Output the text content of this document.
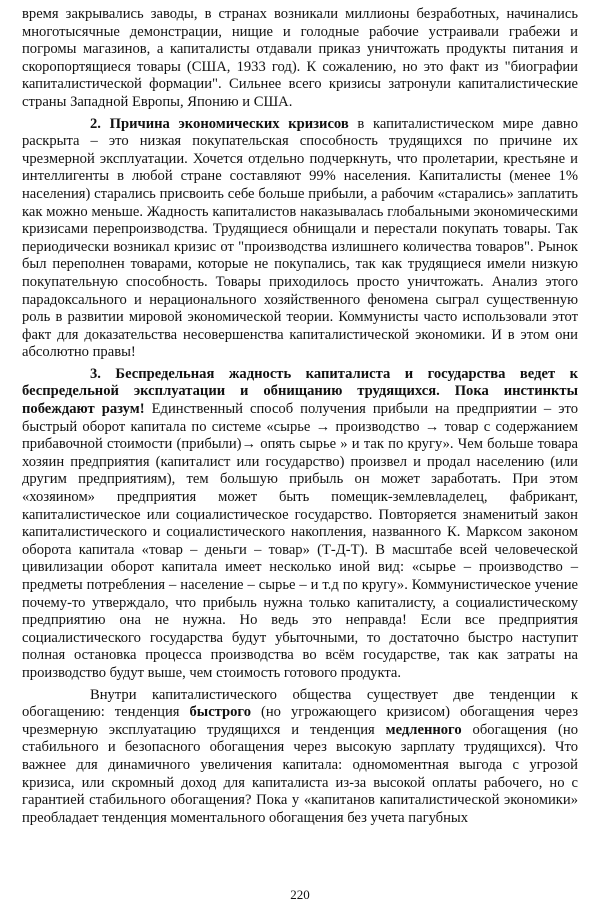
время закрывались заводы, в странах возникали миллионы безработных, начинались многотысячные демонстрации, нищие и голодные рабочие устраивали грабежи и погромы магазинов, а капиталисты отдавали приказ уничтожать продукты питания и скоропортящиеся товары (США, 1933 год). К сожалению, но это факт из "биографии капиталистической формации". Сильнее всего кризисы затронули капиталистические страны Западной Европы, Японию и США.

2. Причина экономических кризисов в капиталистическом мире давно раскрыта – это низкая покупательская способность трудящихся по причине их чрезмерной эксплуатации. Хочется отдельно подчеркнуть, что пролетарии, крестьяне и интеллигенты в любой стране составляют 99% населения. Капиталисты (менее 1% населения) старались присвоить себе больше прибыли, а рабочим «старались» заплатить как можно меньше. Жадность капиталистов наказывалась глобальными экономическими кризисами перепроизводства. Трудящиеся обнищали и перестали покупать товары. Так периодически возникал кризис от "производства излишнего количества товаров". Рынок был переполнен товарами, которые не покупались, так как трудящиеся имели низкую покупательную способность. Товары приходилось просто уничтожать. Анализ этого парадоксального и нерационального хозяйственного феномена сыграл существенную роль в развитии мировой экономической теории. Коммунисты часто использовали этот факт для доказательства несовершенства капиталистической экономики. И в этом они абсолютно правы!

3. Беспредельная жадность капиталиста и государства ведет к беспредельной эксплуатации и обнищанию трудящихся. Пока инстинкты побеждают разум! Единственный способ получения прибыли на предприятии – это быстрый оборот капитала по системе «сырье → производство → товар с содержанием прибавочной стоимости (прибыли)→ опять сырье » и так по кругу». Чем больше товара хозяин предприятия (капиталист или государство) произвел и продал населению (или другим предприятиям), тем большую прибыль он может заработать. При этом «хозяином» предприятия может быть помещик-землевладелец, фабрикант, капиталистическое или социалистическое государство. Повторяется знаменитый закон капиталистического и социалистического накопления, названного К. Марксом законом оборота капитала «товар – деньги – товар» (Т-Д-Т). В масштабе всей человеческой цивилизации оборот капитала имеет несколько иной вид: «сырье – производство – предметы потребления – население – сырье – и т.д по кругу». Коммунистическое учение почему-то утверждало, что прибыль нужна только капиталисту, а социалистическому предприятию она не нужна. Но ведь это неправда! Если все предприятия социалистического государства будут убыточными, то достаточно быстро наступит полная остановка процесса производства во всём государстве, так как затраты на производство будут выше, чем стоимость готового продукта.

Внутри капиталистического общества существует две тенденции к обогащению: тенденция быстрого (но угрожающего кризисом) обогащения через чрезмерную эксплуатацию трудящихся и тенденция медленного обогащения (но стабильного и безопасного обогащения через высокую зарплату трудящихся). Что важнее для динамичного увеличения капитала: одномоментная выгода с угрозой кризиса, или скромный доход для капиталиста из-за высокой оплаты рабочего, но с гарантией стабильного обогащения? Пока у «капитанов капиталистической экономики» преобладает тенденция моментального обогащения без учета пагубных

220
